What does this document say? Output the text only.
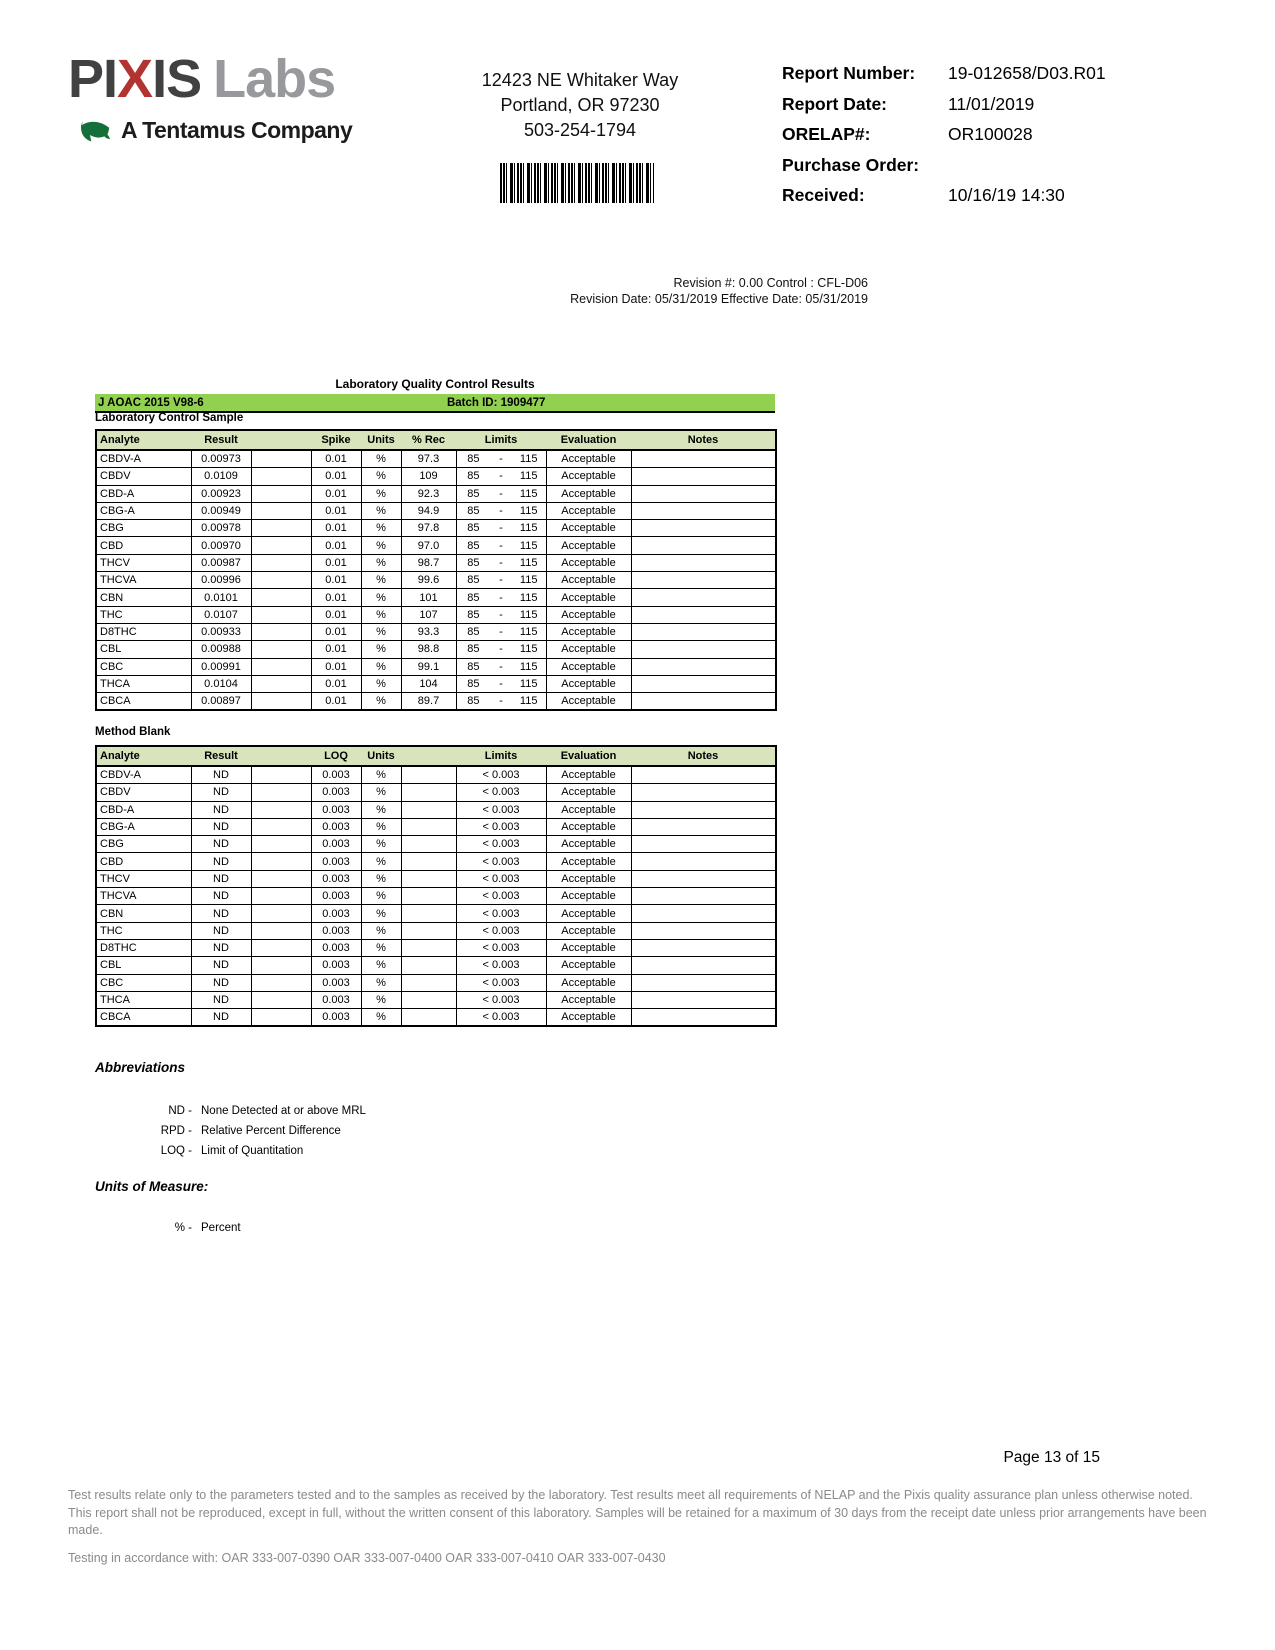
PIXIS Labs
A Tentamus Company
12423 NE Whitaker Way
Portland, OR 97230
503-254-1794
Report Number:	19-012658/D03.R01
Report Date:	11/01/2019
ORELAP#:	OR100028
Purchase Order:
Received:	10/16/19 14:30
Revision #: 0.00 Control : CFL-D06
Revision Date: 05/31/2019 Effective Date: 05/31/2019
Laboratory Quality Control Results
J AOAC 2015 V98-6	Batch ID: 1909477
Laboratory Control Sample
Analyte	Result		Spike	Units	% Rec	Limits	Evaluation	Notes
CBDV-A	0.00973		0.01	%	97.3	85 - 115	Acceptable	
CBDV	0.0109		0.01	%	109	85 - 115	Acceptable	
CBD-A	0.00923		0.01	%	92.3	85 - 115	Acceptable	
CBG-A	0.00949		0.01	%	94.9	85 - 115	Acceptable	
CBG	0.00978		0.01	%	97.8	85 - 115	Acceptable	
CBD	0.00970		0.01	%	97.0	85 - 115	Acceptable	
THCV	0.00987		0.01	%	98.7	85 - 115	Acceptable	
THCVA	0.00996		0.01	%	99.6	85 - 115	Acceptable	
CBN	0.0101		0.01	%	101	85 - 115	Acceptable	
THC	0.0107		0.01	%	107	85 - 115	Acceptable	
D8THC	0.00933		0.01	%	93.3	85 - 115	Acceptable	
CBL	0.00988		0.01	%	98.8	85 - 115	Acceptable	
CBC	0.00991		0.01	%	99.1	85 - 115	Acceptable	
THCA	0.0104		0.01	%	104	85 - 115	Acceptable	
CBCA	0.00897		0.01	%	89.7	85 - 115	Acceptable	
Method Blank
Analyte	Result		LOQ	Units		Limits	Evaluation	Notes
CBDV-A	ND		0.003	%		< 0.003	Acceptable	
CBDV	ND		0.003	%		< 0.003	Acceptable	
CBD-A	ND		0.003	%		< 0.003	Acceptable	
CBG-A	ND		0.003	%		< 0.003	Acceptable	
CBG	ND		0.003	%		< 0.003	Acceptable	
CBD	ND		0.003	%		< 0.003	Acceptable	
THCV	ND		0.003	%		< 0.003	Acceptable	
THCVA	ND		0.003	%		< 0.003	Acceptable	
CBN	ND		0.003	%		< 0.003	Acceptable	
THC	ND		0.003	%		< 0.003	Acceptable	
D8THC	ND		0.003	%		< 0.003	Acceptable	
CBL	ND		0.003	%		< 0.003	Acceptable	
CBC	ND		0.003	%		< 0.003	Acceptable	
THCA	ND		0.003	%		< 0.003	Acceptable	
CBCA	ND		0.003	%		< 0.003	Acceptable	
Abbreviations
ND - None Detected at or above MRL
RPD - Relative Percent Difference
LOQ - Limit of Quantitation
Units of Measure:
% - Percent
Page 13 of 15
Test results relate only to the parameters tested and to the samples as received by the laboratory. Test results meet all requirements of NELAP and the Pixis quality assurance plan unless otherwise noted. This report shall not be reproduced, except in full, without the written consent of this laboratory. Samples will be retained for a maximum of 30 days from the receipt date unless prior arrangements have been made.
Testing in accordance with: OAR 333-007-0390 OAR 333-007-0400 OAR 333-007-0410 OAR 333-007-0430
